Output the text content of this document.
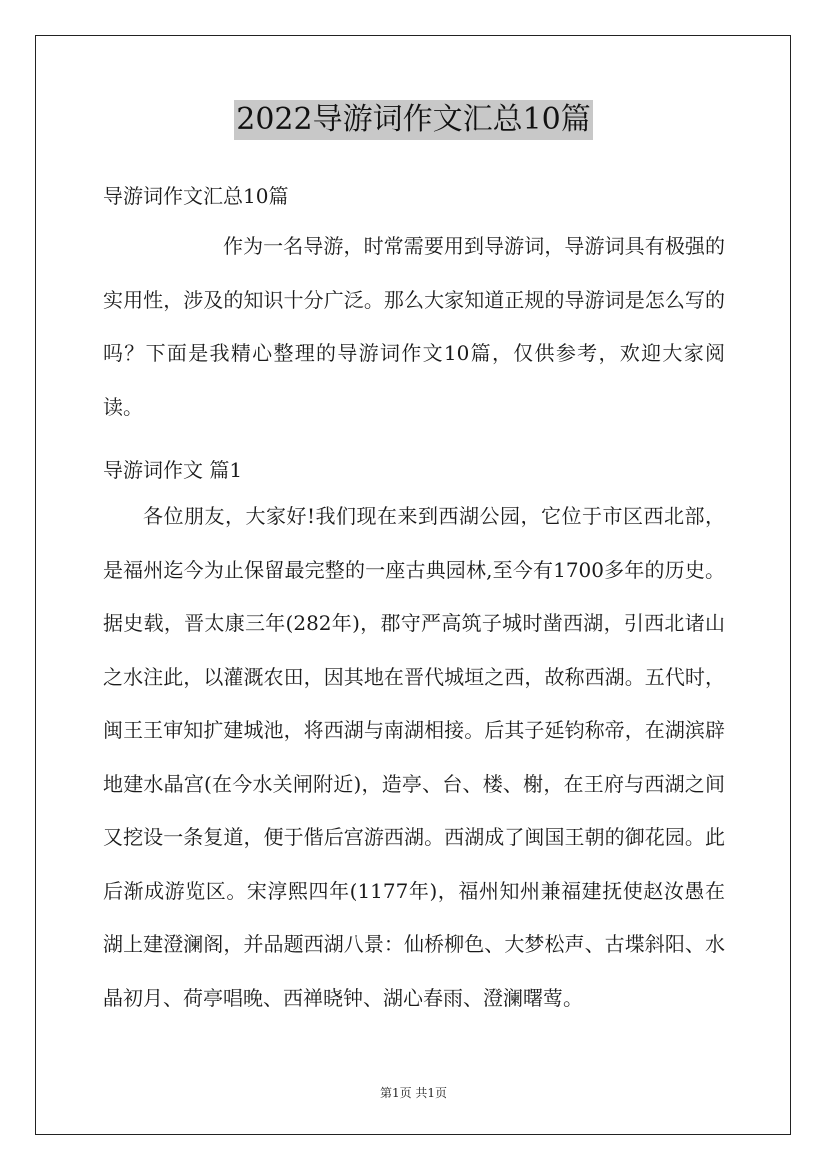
2022导游词作文汇总10篇
导游词作文汇总10篇
作为一名导游，时常需要用到导游词，导游词具有极强的实用性，涉及的知识十分广泛。那么大家知道正规的导游词是怎么写的吗？下面是我精心整理的导游词作文10篇，仅供参考，欢迎大家阅读。
导游词作文 篇1
各位朋友，大家好!我们现在来到西湖公园，它位于市区西北部，是福州迄今为止保留最完整的一座古典园林,至今有1700多年的历史。据史载，晋太康三年(282年)，郡守严高筑子城时凿西湖，引西北诸山之水注此，以灌溉农田，因其地在晋代城垣之西，故称西湖。五代时，闽王王审知扩建城池，将西湖与南湖相接。后其子延钧称帝，在湖滨辟地建水晶宫(在今水关闸附近)，造亭、台、楼、榭，在王府与西湖之间又挖设一条复道，便于偕后宫游西湖。西湖成了闽国王朝的御花园。此后渐成游览区。宋淳熙四年(1177年)，福州知州兼福建抚使赵汝愚在湖上建澄澜阁，并品题西湖八景：仙桥柳色、大梦松声、古堞斜阳、水晶初月、荷亭唱晚、西禅晓钟、湖心春雨、澄澜曙莺。
第1页 共1页
